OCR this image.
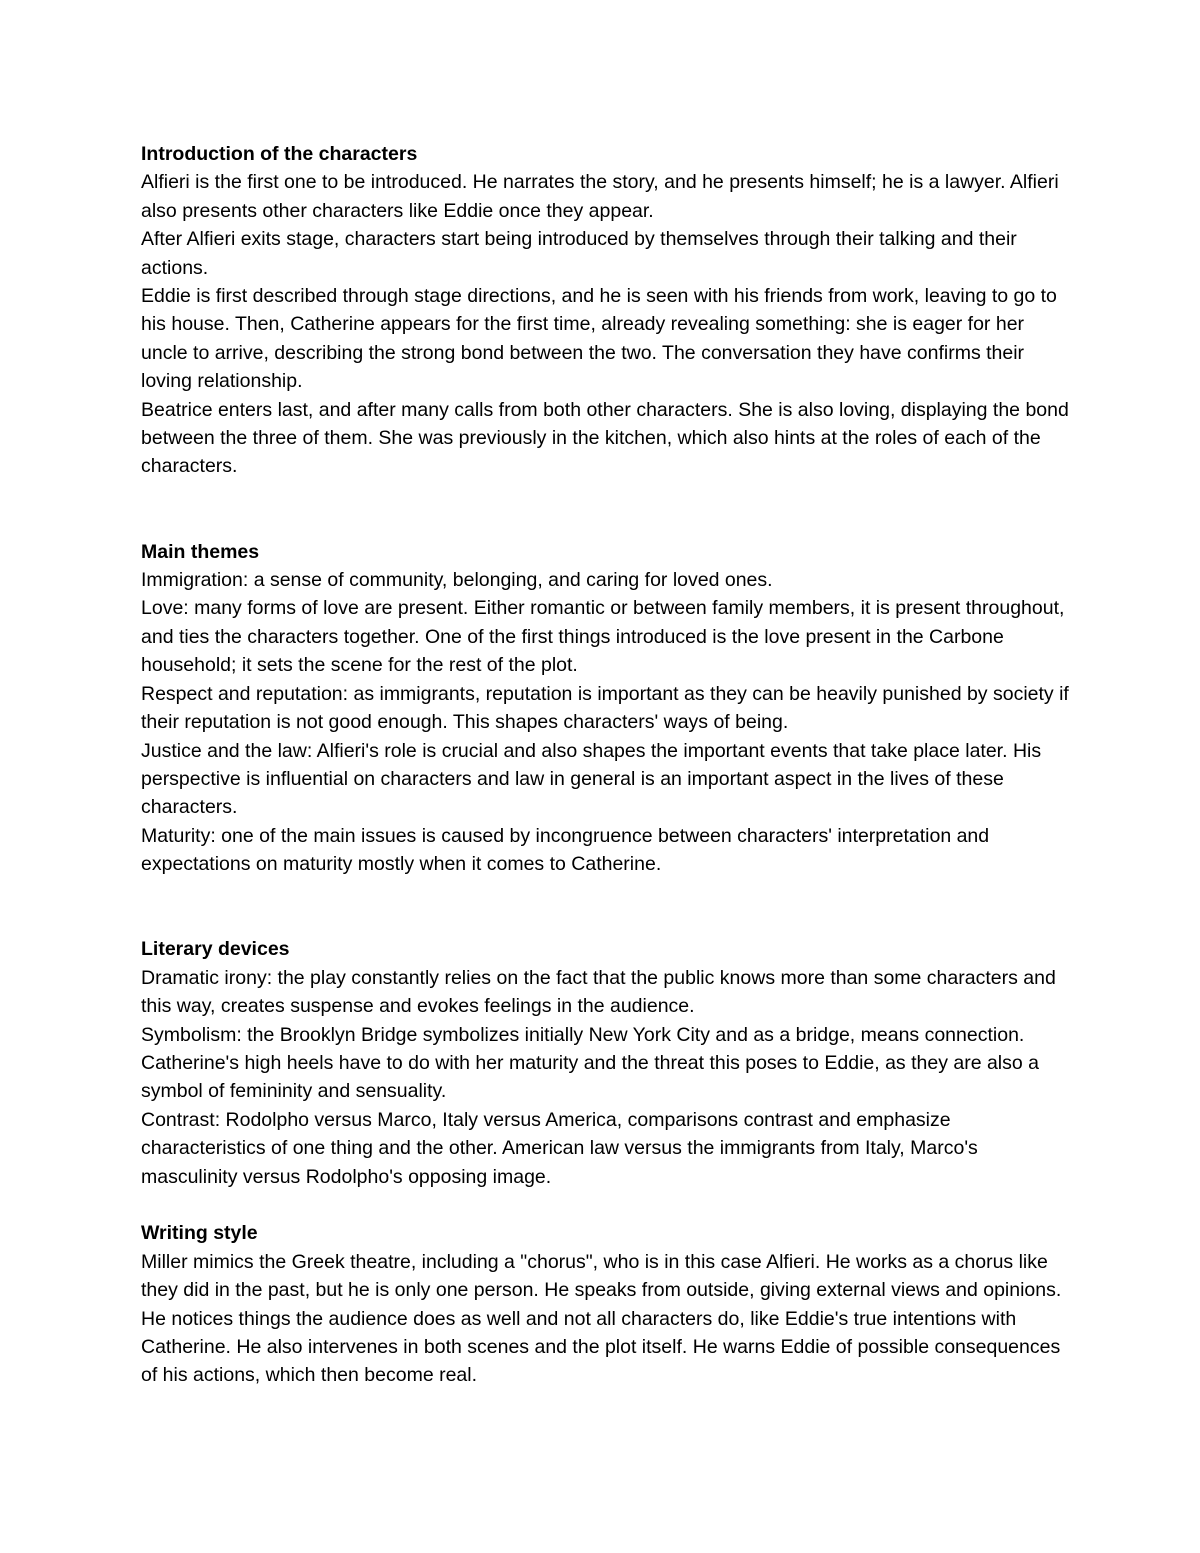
Introduction of the characters

Alfieri is the first one to be introduced. He narrates the story, and he presents himself; he is a lawyer. Alfieri also presents other characters like Eddie once they appear.

After Alfieri exits stage, characters start being introduced by themselves through their talking and their actions.

Eddie is first described through stage directions, and he is seen with his friends from work, leaving to go to his house. Then, Catherine appears for the first time, already revealing something: she is eager for her uncle to arrive, describing the strong bond between the two. The conversation they have confirms their loving relationship.

Beatrice enters last, and after many calls from both other characters. She is also loving, displaying the bond between the three of them. She was previously in the kitchen, which also hints at the roles of each of the characters.

Main themes

Immigration: a sense of community, belonging, and caring for loved ones.

Love: many forms of love are present. Either romantic or between family members, it is present throughout, and ties the characters together. One of the first things introduced is the love present in the Carbone household; it sets the scene for the rest of the plot.

Respect and reputation: as immigrants, reputation is important as they can be heavily punished by society if their reputation is not good enough. This shapes characters' ways of being.

Justice and the law: Alfieri's role is crucial and also shapes the important events that take place later. His perspective is influential on characters and law in general is an important aspect in the lives of these characters.

Maturity: one of the main issues is caused by incongruence between characters' interpretation and expectations on maturity mostly when it comes to Catherine.

Literary devices

Dramatic irony: the play constantly relies on the fact that the public knows more than some characters and this way, creates suspense and evokes feelings in the audience.

Symbolism: the Brooklyn Bridge symbolizes initially New York City and as a bridge, means connection. Catherine's high heels have to do with her maturity and the threat this poses to Eddie, as they are also a symbol of femininity and sensuality.

Contrast: Rodolpho versus Marco, Italy versus America, comparisons contrast and emphasize characteristics of one thing and the other. American law versus the immigrants from Italy, Marco's masculinity versus Rodolpho's opposing image.

Writing style

Miller mimics the Greek theatre, including a "chorus", who is in this case Alfieri. He works as a chorus like they did in the past, but he is only one person. He speaks from outside, giving external views and opinions. He notices things the audience does as well and not all characters do, like Eddie's true intentions with Catherine. He also intervenes in both scenes and the plot itself. He warns Eddie of possible consequences of his actions, which then become real.
